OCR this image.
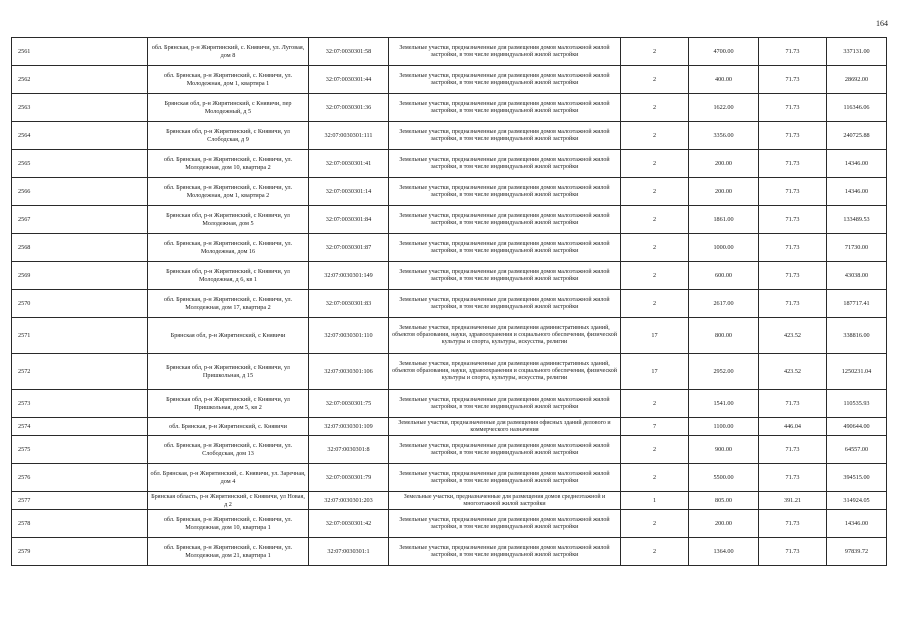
164
2561	обл. Брянская, р-н Жирятинский, с. Княвичи, ул. Луговая, дом 8	32:07:0030301:58	Земельные участки, предназначенные для размещения домов малоэтажной жилой застройки, в том числе индивидуальной жилой застройки	2	4700.00	71.73	337131.00
2562	обл. Брянская, р-н Жирятинский, с. Княвичи, ул. Молодежная, дом 1, квартира 1	32:07:0030301:44	Земельные участки, предназначенные для размещения домов малоэтажной жилой застройки, в том числе индивидуальной жилой застройки	2	400.00	71.73	28692.00
2563	Брянская обл, р-н Жирятинский, с Княвичи, пер Молодежный, д 5	32:07:0030301:36	Земельные участки, предназначенные для размещения домов малоэтажной жилой застройки, в том числе индивидуальной жилой застройки	2	1622.00	71.73	116346.06
2564	Брянская обл, р-н Жирятинский, с Княвичи, ул Слободская, д 9	32:07:0030301:111	Земельные участки, предназначенные для размещения домов малоэтажной жилой застройки, в том числе индивидуальной жилой застройки	2	3356.00	71.73	240725.88
2565	обл. Брянская, р-н Жирятинский, с. Княвичи, ул. Молодежная, дом 10, квартира 2	32:07:0030301:41	Земельные участки, предназначенные для размещения домов малоэтажной жилой застройки, в том числе индивидуальной жилой застройки	2	200.00	71.73	14346.00
2566	обл. Брянская, р-н Жирятинский, с. Княвичи, ул. Молодежная, дом 1, квартира 2	32:07:0030301:14	Земельные участки, предназначенные для размещения домов малоэтажной жилой застройки, в том числе индивидуальной жилой застройки	2	200.00	71.73	14346.00
2567	Брянская обл, р-н Жирятинский, с Княвичи, ул Молодежная, дом 5	32:07:0030301:84	Земельные участки, предназначенные для размещения домов малоэтажной жилой застройки, в том числе индивидуальной жилой застройки	2	1861.00	71.73	133489.53
2568	обл. Брянская, р-н Жирятинский, с. Княвичи, ул. Молодежная, дом 16	32:07:0030301:87	Земельные участки, предназначенные для размещения домов малоэтажной жилой застройки, в том числе индивидуальной жилой застройки	2	1000.00	71.73	71730.00
2569	Брянская обл, р-н Жирятинский, с Княвичи, ул Молодежная, д 6, кв 1	32:07:0030301:149	Земельные участки, предназначенные для размещения домов малоэтажной жилой застройки, в том числе индивидуальной жилой застройки	2	600.00	71.73	43038.00
2570	обл. Брянская, р-н Жирятинский, с. Княвичи, ул. Молодежная, дом 17, квартира 2	32:07:0030301:83	Земельные участки, предназначенные для размещения домов малоэтажной жилой застройки, в том числе индивидуальной жилой застройки	2	2617.00	71.73	187717.41
2571	Брянская обл, р-н Жирятинский, с Княвичи	32:07:0030301:110	Земельные участки, предназначенные для размещения административных зданий, объектов образования, науки, здравоохранения и социального обеспечения, физической культуры и спорта, культуры, искусства, религии	17	800.00	423.52	338816.00
2572	Брянская обл, р-н Жирятинский, с Княвичи, ул Пришкольная, д 15	32:07:0030301:106	Земельные участки, предназначенные для размещения административных зданий, объектов образования, науки, здравоохранения и социального обеспечения, физической культуры и спорта, культуры, искусства, религии	17	2952.00	423.52	1250231.04
2573	Брянская обл, р-н Жирятинский, с Княвичи, ул Пришкольная, дом 5, кв 2	32:07:0030301:75	Земельные участки, предназначенные для размещения домов малоэтажной жилой застройки, в том числе индивидуальной жилой застройки	2	1541.00	71.73	110535.93
2574	обл. Брянская, р-н Жирятинский, с. Княвичи	32:07:0030301:109	Земельные участки, предназначенные для размещения офисных зданий делового и коммерческого назначения	7	1100.00	446.04	490644.00
2575	обл. Брянская, р-н Жирятинский, с. Княвичи, ул. Слободская, дом 13	32:07:0030301:8	Земельные участки, предназначенные для размещения домов малоэтажной жилой застройки, в том числе индивидуальной жилой застройки	2	900.00	71.73	64557.00
2576	обл. Брянская, р-н Жирятинский, с. Княвичи, ул. Заречная, дом 4	32:07:0030301:79	Земельные участки, предназначенные для размещения домов малоэтажной жилой застройки, в том числе индивидуальной жилой застройки	2	5500.00	71.73	394515.00
2577	Брянская область, р-н Жирятинский, с Княвичи, ул Новая, д 2	32:07:0030301:203	Земельные участки, предназначенные для размещения домов среднеэтажной и многоэтажной жилой застройки	1	805.00	391.21	314924.05
2578	обл. Брянская, р-н Жирятинский, с. Княвичи, ул. Молодежная, дом 10, квартира 1	32:07:0030301:42	Земельные участки, предназначенные для размещения домов малоэтажной жилой застройки, в том числе индивидуальной жилой застройки	2	200.00	71.73	14346.00
2579	обл. Брянская, р-н Жирятинский, с. Княвичи, ул. Молодежная, дом 21, квартира 1	32:07:0030301:1	Земельные участки, предназначенные для размещения домов малоэтажной жилой застройки, в том числе индивидуальной жилой застройки	2	1364.00	71.73	97839.72
